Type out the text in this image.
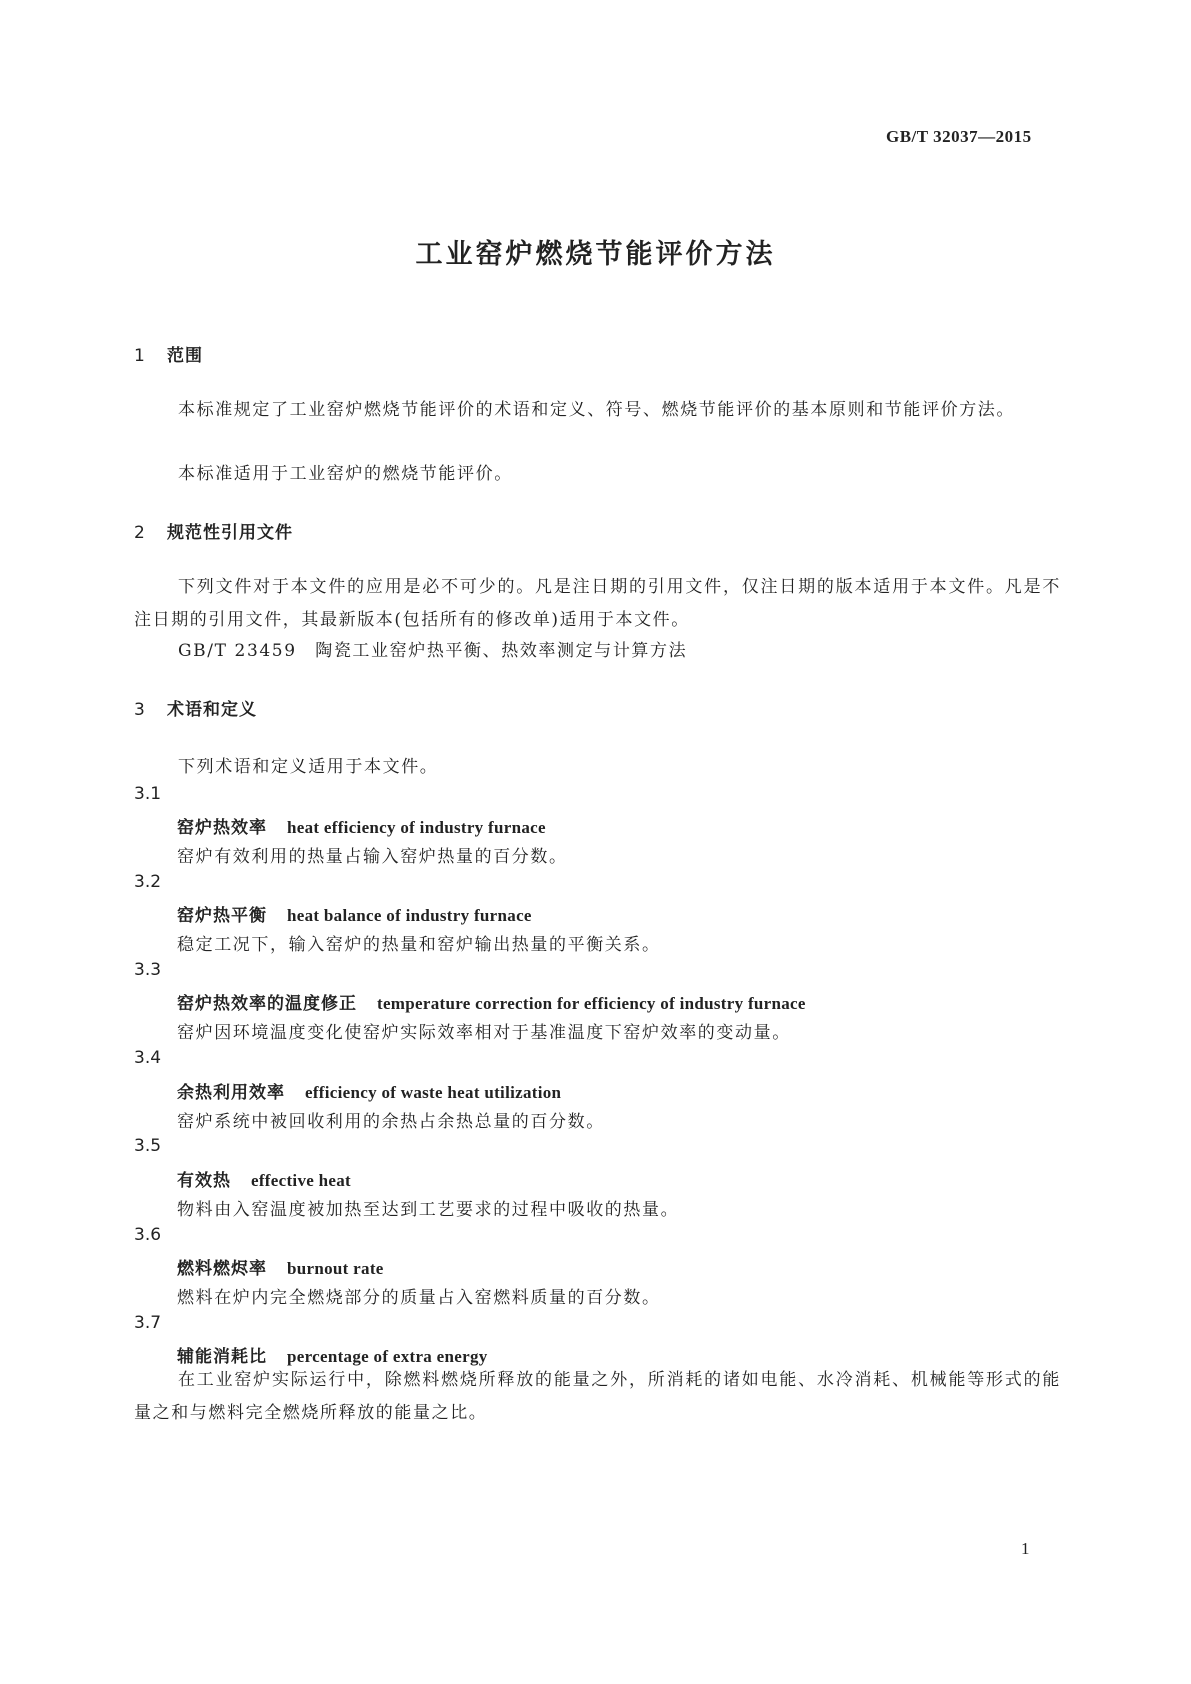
GB/T 32037—2015
工业窑炉燃烧节能评价方法
1 范围
本标准规定了工业窑炉燃烧节能评价的术语和定义、符号、燃烧节能评价的基本原则和节能评价方法。
本标准适用于工业窑炉的燃烧节能评价。
2 规范性引用文件
下列文件对于本文件的应用是必不可少的。凡是注日期的引用文件，仅注日期的版本适用于本文件。凡是不注日期的引用文件，其最新版本(包括所有的修改单)适用于本文件。
GB/T 23459　陶瓷工业窑炉热平衡、热效率测定与计算方法
3 术语和定义
下列术语和定义适用于本文件。
3.1
窑炉热效率 heat efficiency of industry furnace
窑炉有效利用的热量占输入窑炉热量的百分数。
3.2
窑炉热平衡 heat balance of industry furnace
稳定工况下，输入窑炉的热量和窑炉输出热量的平衡关系。
3.3
窑炉热效率的温度修正 temperature correction for efficiency of industry furnace
窑炉因环境温度变化使窑炉实际效率相对于基准温度下窑炉效率的变动量。
3.4
余热利用效率 efficiency of waste heat utilization
窑炉系统中被回收利用的余热占余热总量的百分数。
3.5
有效热 effective heat
物料由入窑温度被加热至达到工艺要求的过程中吸收的热量。
3.6
燃料燃烬率 burnout rate
燃料在炉内完全燃烧部分的质量占入窑燃料质量的百分数。
3.7
辅能消耗比 percentage of extra energy
在工业窑炉实际运行中，除燃料燃烧所释放的能量之外，所消耗的诸如电能、水冷消耗、机械能等形式的能量之和与燃料完全燃烧所释放的能量之比。
1
